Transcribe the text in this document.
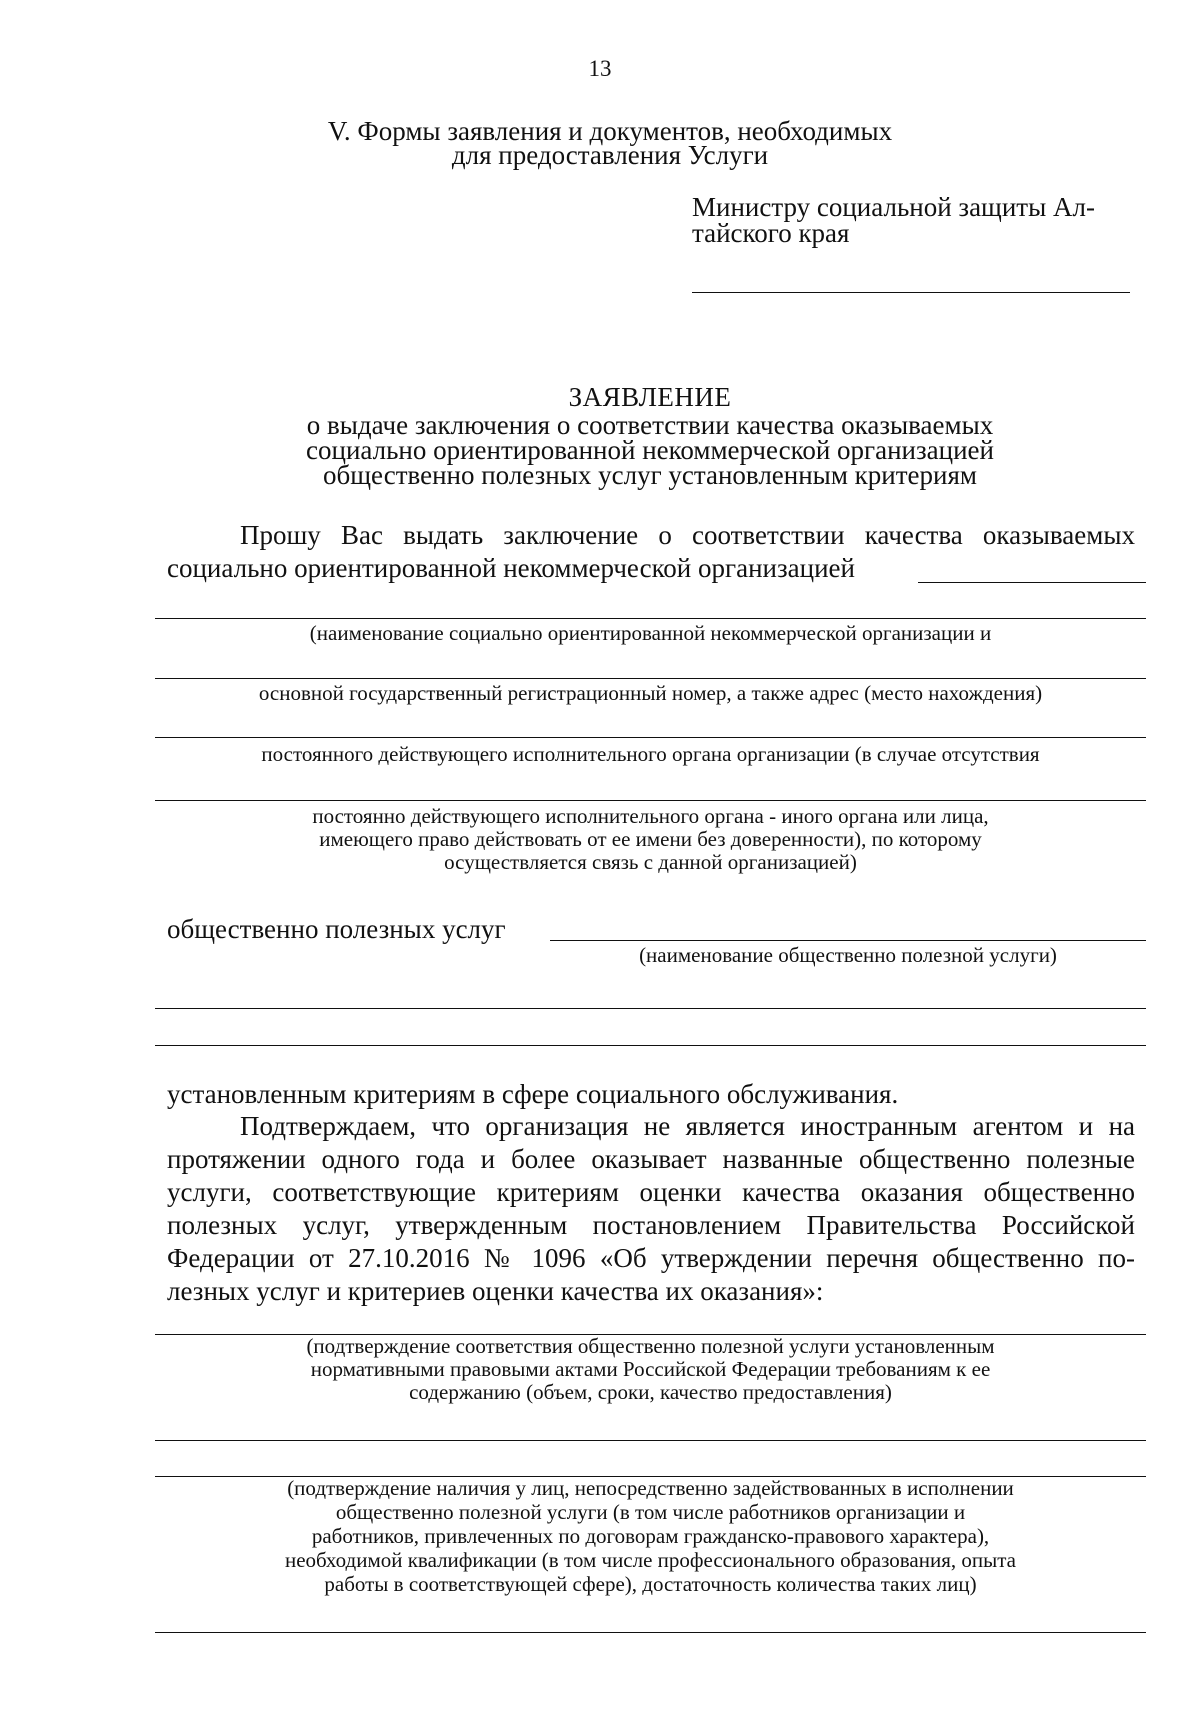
13
V. Формы заявления и документов, необходимых
для предоставления Услуги
Министру социальной защиты Ал-
тайского края
ЗАЯВЛЕНИЕ
о выдаче заключения о соответствии качества оказываемых
социально ориентированной некоммерческой организацией
общественно полезных услуг установленным критериям
Прошу Вас выдать заключение о соответствии качества оказываемых
социально ориентированной некоммерческой организацией
(наименование социально ориентированной некоммерческой организации и
основной государственный регистрационный номер, а также адрес (место нахождения)
постоянного действующего исполнительного органа организации (в случае отсутствия
постоянно действующего исполнительного органа - иного органа или лица,
имеющего право действовать от ее имени без доверенности), по которому
осуществляется связь с данной организацией)
общественно полезных услуг
(наименование общественно полезной услуги)
установленным критериям в сфере социального обслуживания.
Подтверждаем, что организация не является иностранным агентом и на
протяжении одного года и более оказывает названные общественно полезные
услуги, соответствующие критериям оценки качества оказания общественно
полезных услуг, утвержденным постановлением Правительства Российской
Федерации от 27.10.2016 № 1096 «Об утверждении перечня общественно по-
лезных услуг и критериев оценки качества их оказания»:
(подтверждение соответствия общественно полезной услуги установленным
нормативными правовыми актами Российской Федерации требованиям к ее
содержанию (объем, сроки, качество предоставления)
(подтверждение наличия у лиц, непосредственно задействованных в исполнении
общественно полезной услуги (в том числе работников организации и
работников, привлеченных по договорам гражданско-правового характера),
необходимой квалификации (в том числе профессионального образования, опыта
работы в соответствующей сфере), достаточность количества таких лиц)
